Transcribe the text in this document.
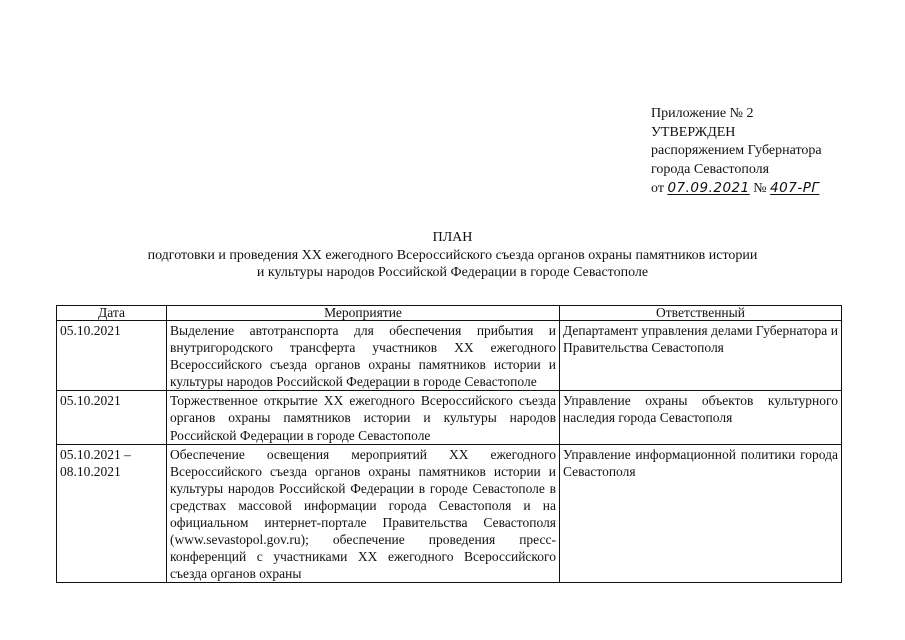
Приложение № 2
УТВЕРЖДЕН
распоряжением Губернатора
города Севастополя
от 07.09.2021 № 407-РГ
ПЛАН
подготовки и проведения XX ежегодного Всероссийского съезда органов охраны памятников истории
и культуры народов Российской Федерации в городе Севастополе
Дата	Мероприятие	Ответственный
05.10.2021	Выделение автотранспорта для обеспечения прибытия и внутригородского трансферта участников XX ежегодного Всероссийского съезда органов охраны памятников истории и культуры народов Российской Федерации в городе Севастополе	Департамент управления делами Губернатора и Правительства Севастополя
05.10.2021	Торжественное открытие XX ежегодного Всероссийского съезда органов охраны памятников истории и культуры народов Российской Федерации в городе Севастополе	Управление охраны объектов культурного наследия города Севастополя

05.10.2021 –
08.10.2021	Обеспечение освещения мероприятий XX ежегодного Всероссийского съезда органов охраны памятников истории и культуры народов Российской Федерации в городе Севастополе в средствах массовой информации города Севастополя и на официальном интернет-портале Правительства Севастополя (www.sevastopol.gov.ru); обеспечение проведения пресс-конференций с участниками XX ежегодного Всероссийского съезда органов охраны	Управление информационной политики города Севастополя
